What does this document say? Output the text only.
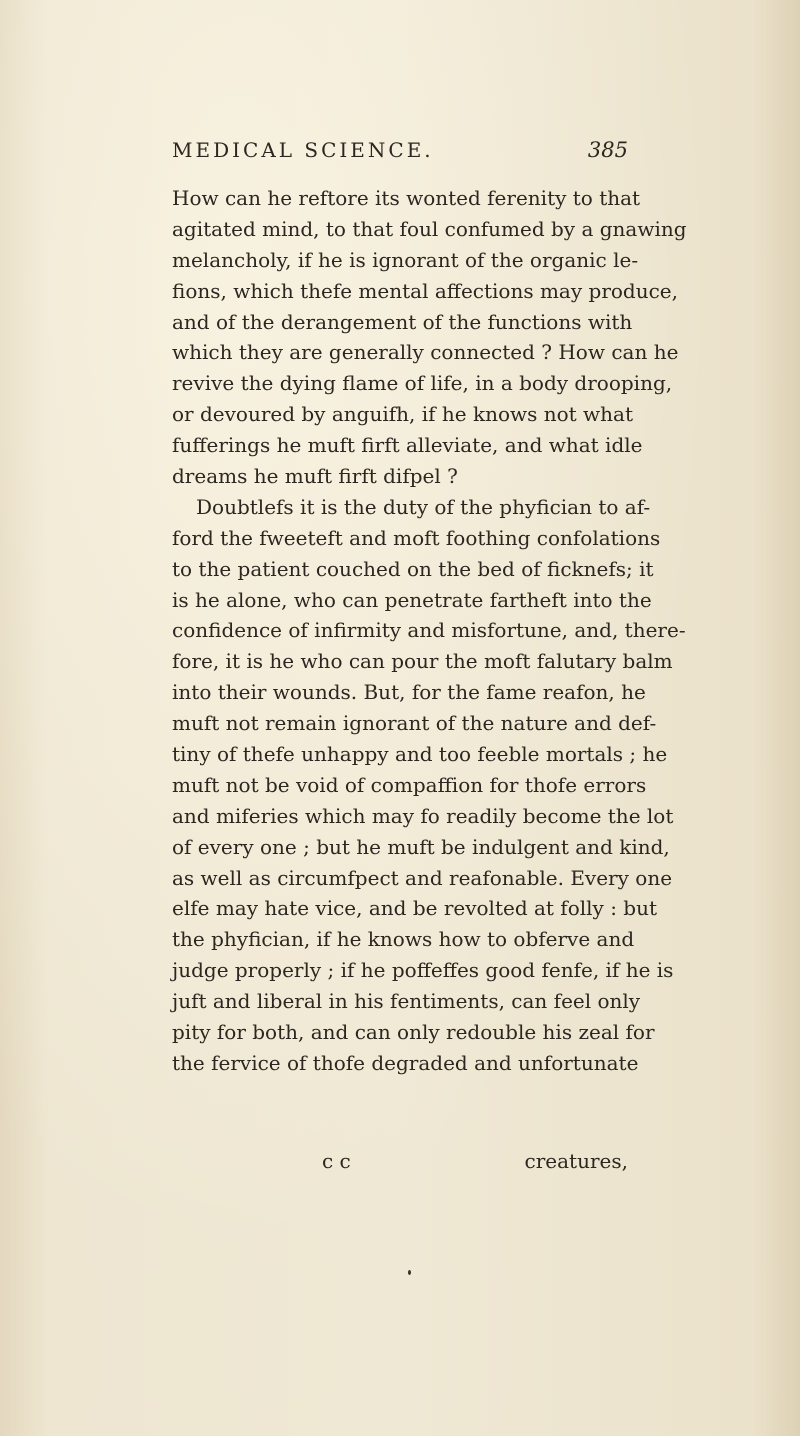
MEDICAL SCIENCE.	385
How can he reftore its wonted ferenity to that
agitated mind, to that foul confumed by a gnawing
melancholy, if he is ignorant of the organic le-
fions, which thefe mental affections may produce,
and of the derangement of the functions with
which they are generally connected ? How can he
revive the dying flame of life, in a body drooping,
or devoured by anguifh, if he knows not what
fufferings he muft firft alleviate, and what idle
dreams he muft firft difpel ?
Doubtlefs it is the duty of the phyfician to af-
ford the fweeteft and moft foothing confolations
to the patient couched on the bed of ficknefs; it
is he alone, who can penetrate fartheft into the
confidence of infirmity and misfortune, and, there-
fore, it is he who can pour the moft falutary balm
into their wounds. But, for the fame reafon, he
muft not remain ignorant of the nature and def-
tiny of thefe unhappy and too feeble mortals ; he
muft not be void of compaffion for thofe errors
and miferies which may fo readily become the lot
of every one ; but he muft be indulgent and kind,
as well as circumfpect and reafonable. Every one
elfe may hate vice, and be revolted at folly : but
the phyfician, if he knows how to obferve and
judge properly ; if he poffeffes good fenfe, if he is
juft and liberal in his fentiments, can feel only
pity for both, and can only redouble his zeal for
the fervice of thofe degraded and unfortunate
c c	creatures,
